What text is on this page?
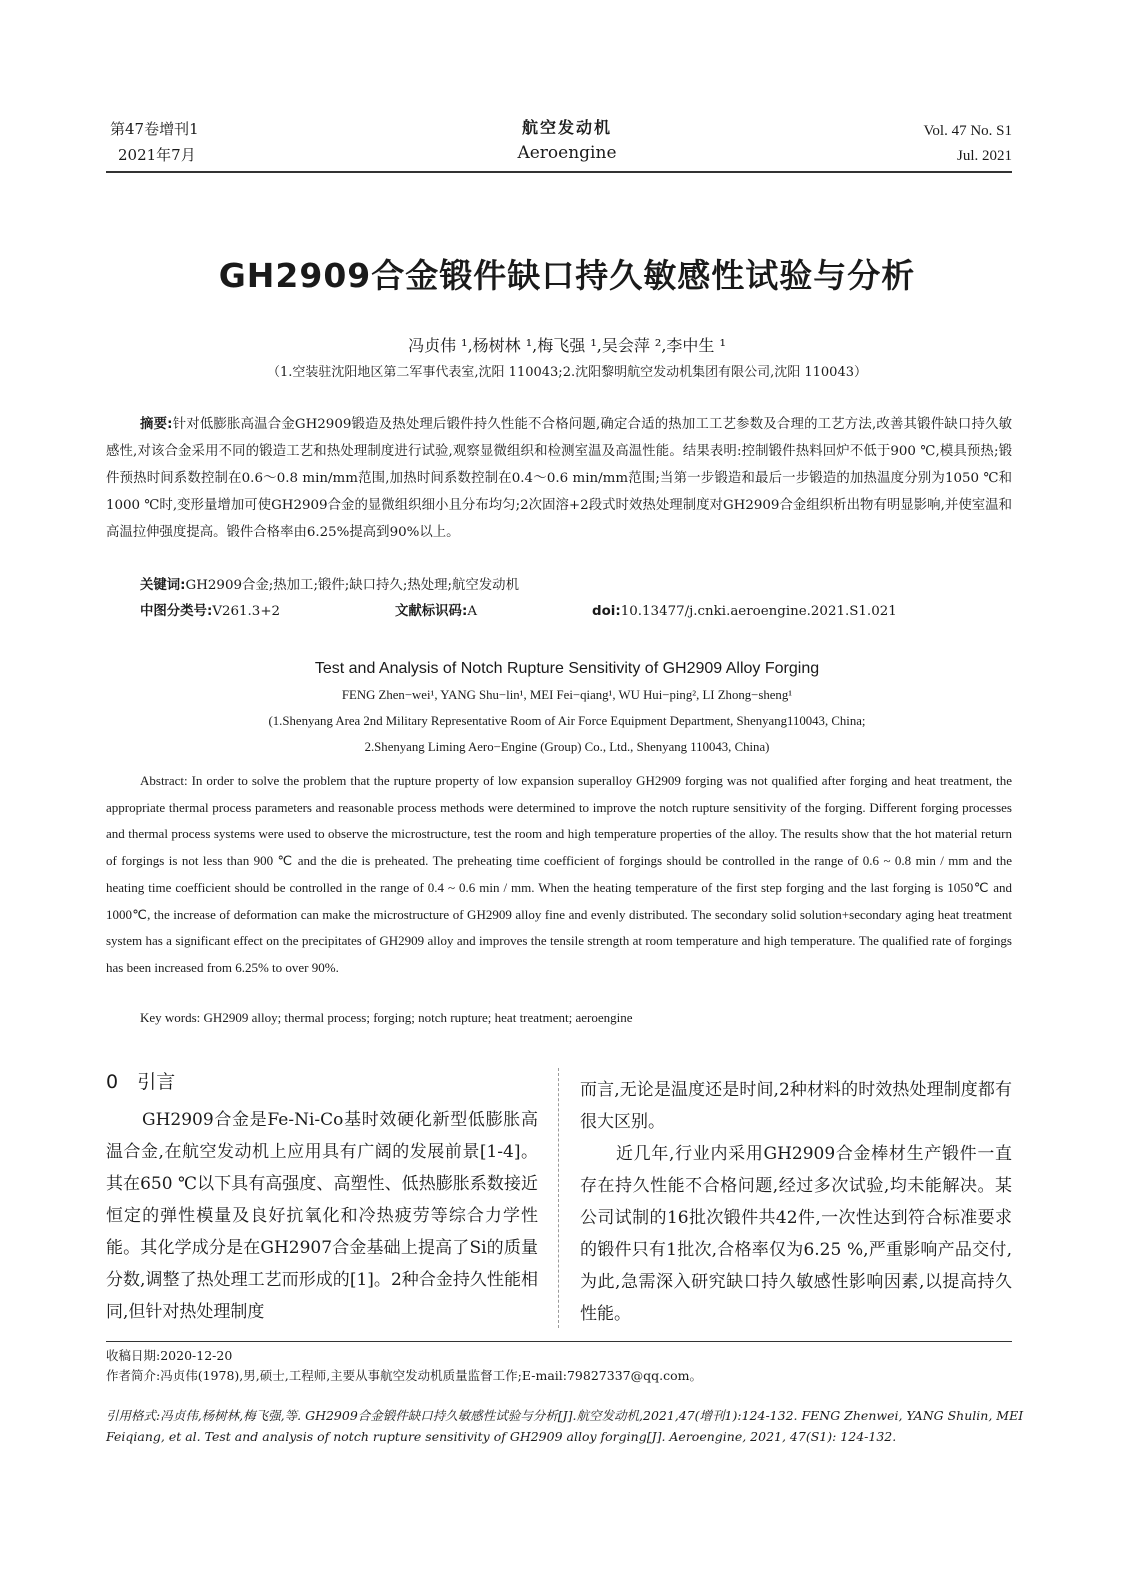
第47卷增刊1
2021年7月
航空发动机
Aeroengine
Vol. 47 No. S1
Jul. 2021
GH2909合金锻件缺口持久敏感性试验与分析
冯贞伟 ¹,杨树林 ¹,梅飞强 ¹,吴会萍 ²,李中生 ¹
（1.空装驻沈阳地区第二军事代表室,沈阳 110043;2.沈阳黎明航空发动机集团有限公司,沈阳 110043）
摘要:针对低膨胀高温合金GH2909锻造及热处理后锻件持久性能不合格问题,确定合适的热加工工艺参数及合理的工艺方法,改善其锻件缺口持久敏感性,对该合金采用不同的锻造工艺和热处理制度进行试验,观察显微组织和检测室温及高温性能。结果表明:控制锻件热料回炉不低于900 ℃,模具预热;锻件预热时间系数控制在0.6～0.8 min/mm范围,加热时间系数控制在0.4～0.6 min/mm范围;当第一步锻造和最后一步锻造的加热温度分别为1050 ℃和1000 ℃时,变形量增加可使GH2909合金的显微组织细小且分布均匀;2次固溶+2段式时效热处理制度对GH2909合金组织析出物有明显影响,并使室温和高温拉伸强度提高。锻件合格率由6.25%提高到90%以上。
关键词:GH2909合金;热加工;锻件;缺口持久;热处理;航空发动机
中图分类号:V261.3+2	文献标识码:A	doi:10.13477/j.cnki.aeroengine.2021.S1.021
Test and Analysis of Notch Rupture Sensitivity of GH2909 Alloy Forging
FENG Zhen−wei¹, YANG Shu−lin¹, MEI Fei−qiang¹, WU Hui−ping², LI Zhong−sheng¹
(1.Shenyang Area 2nd Military Representative Room of Air Force Equipment Department, Shenyang110043, China;
2.Shenyang Liming Aero−Engine (Group) Co., Ltd., Shenyang 110043, China)
Abstract: In order to solve the problem that the rupture property of low expansion superalloy GH2909 forging was not qualified after forging and heat treatment, the appropriate thermal process parameters and reasonable process methods were determined to improve the notch rupture sensitivity of the forging. Different forging processes and thermal process systems were used to observe the microstructure, test the room and high temperature properties of the alloy. The results show that the hot material return of forgings is not less than 900 ℃ and the die is preheated. The preheating time coefficient of forgings should be controlled in the range of 0.6 ~ 0.8 min / mm and the heating time coefficient should be controlled in the range of 0.4 ~ 0.6 min / mm. When the heating temperature of the first step forging and the last forging is 1050℃ and 1000℃, the increase of deformation can make the microstructure of GH2909 alloy fine and evenly distributed. The secondary solid solution+secondary aging heat treatment system has a significant effect on the precipitates of GH2909 alloy and improves the tensile strength at room temperature and high temperature. The qualified rate of forgings has been increased from 6.25% to over 90%.
Key words: GH2909 alloy; thermal process; forging; notch rupture; heat treatment; aeroengine
0 引言
GH2909合金是Fe-Ni-Co基时效硬化新型低膨胀高温合金,在航空发动机上应用具有广阔的发展前景[1-4]。其在650 ℃以下具有高强度、高塑性、低热膨胀系数接近恒定的弹性模量及良好抗氧化和冷热疲劳等综合力学性能。其化学成分是在GH2907合金基础上提高了Si的质量分数,调整了热处理工艺而形成的[1]。2种合金持久性能相同,但针对热处理制度
而言,无论是温度还是时间,2种材料的时效热处理制度都有很大区别。
近几年,行业内采用GH2909合金棒材生产锻件一直存在持久性能不合格问题,经过多次试验,均未能解决。某公司试制的16批次锻件共42件,一次性达到符合标准要求的锻件只有1批次,合格率仅为6.25 %,严重影响产品交付,为此,急需深入研究缺口持久敏感性影响因素,以提高持久性能。
收稿日期:2020-12-20
作者简介:冯贞伟(1978),男,硕士,工程师,主要从事航空发动机质量监督工作;E-mail:79827337@qq.com。
引用格式:冯贞伟,杨树林,梅飞强,等. GH2909合金锻件缺口持久敏感性试验与分析[J].航空发动机,2021,47(增刊1):124-132. FENG Zhenwei, YANG Shulin, MEI Feiqiang, et al. Test and analysis of notch rupture sensitivity of GH2909 alloy forging[J]. Aeroengine, 2021, 47(S1): 124-132.
